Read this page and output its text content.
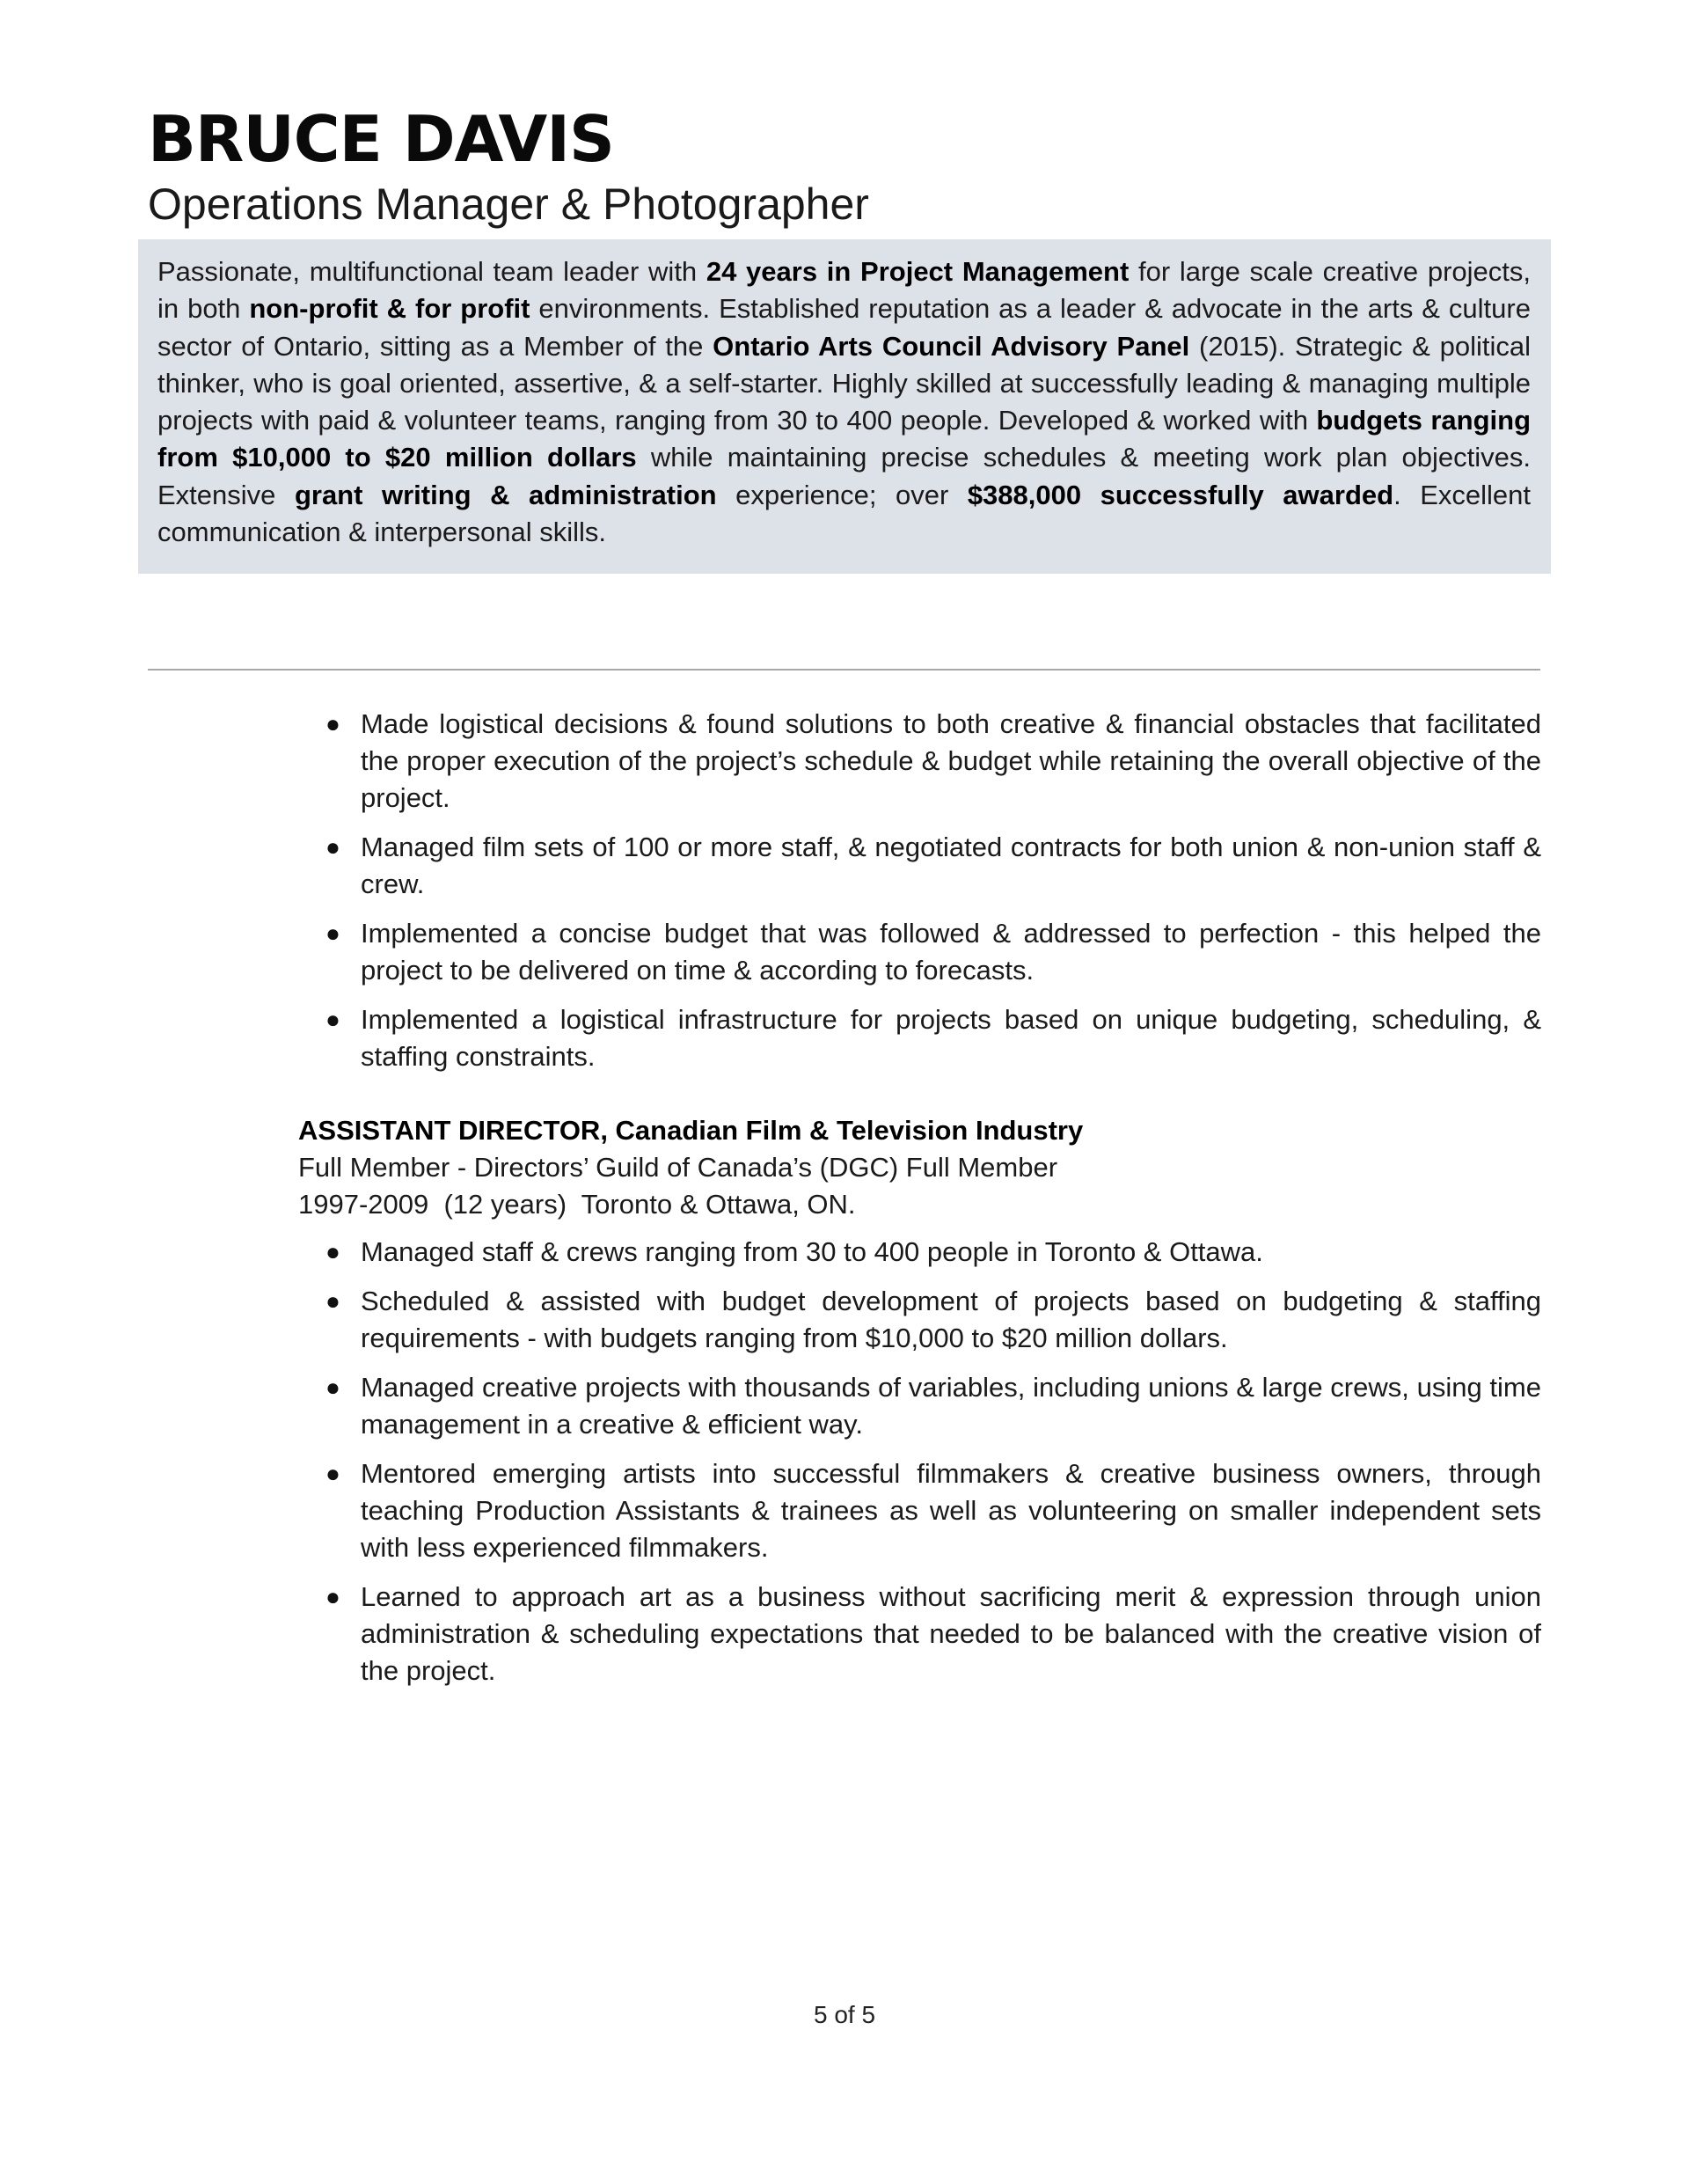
BRUCE DAVIS
Operations Manager & Photographer

Passionate, multifunctional team leader with 24 years in Project Management for large scale creative projects, in both non-profit & for profit environments. Established reputation as a leader & advocate in the arts & culture sector of Ontario, sitting as a Member of the Ontario Arts Council Advisory Panel (2015). Strategic & political thinker, who is goal oriented, assertive, & a self-starter. Highly skilled at successfully leading & managing multiple projects with paid & volunteer teams, ranging from 30 to 400 people. Developed & worked with budgets ranging from $10,000 to $20 million dollars while maintaining precise schedules & meeting work plan objectives. Extensive grant writing & administration experience; over $388,000 successfully awarded. Excellent communication & interpersonal skills.

● Made logistical decisions & found solutions to both creative & financial obstacles that facilitated the proper execution of the project’s schedule & budget while retaining the overall objective of the project.
● Managed film sets of 100 or more staff, & negotiated contracts for both union & non-union staff & crew.
● Implemented a concise budget that was followed & addressed to perfection - this helped the project to be delivered on time & according to forecasts.
● Implemented a logistical infrastructure for projects based on unique budgeting, scheduling, & staffing constraints.

ASSISTANT DIRECTOR, Canadian Film & Television Industry

Full Member - Directors’ Guild of Canada’s (DGC) Full Member

1997-2009  (12 years)  Toronto & Ottawa, ON.

● Managed staff & crews ranging from 30 to 400 people in Toronto & Ottawa.
● Scheduled & assisted with budget development of projects based on budgeting & staffing requirements - with budgets ranging from $10,000 to $20 million dollars.
● Managed creative projects with thousands of variables, including unions & large crews, using time management in a creative & efficient way.
● Mentored emerging artists into successful filmmakers & creative business owners, through teaching Production Assistants & trainees as well as volunteering on smaller independent sets with less experienced filmmakers.
● Learned to approach art as a business without sacrificing merit & expression through union administration & scheduling expectations that needed to be balanced with the creative vision of the project.
5 of 5
